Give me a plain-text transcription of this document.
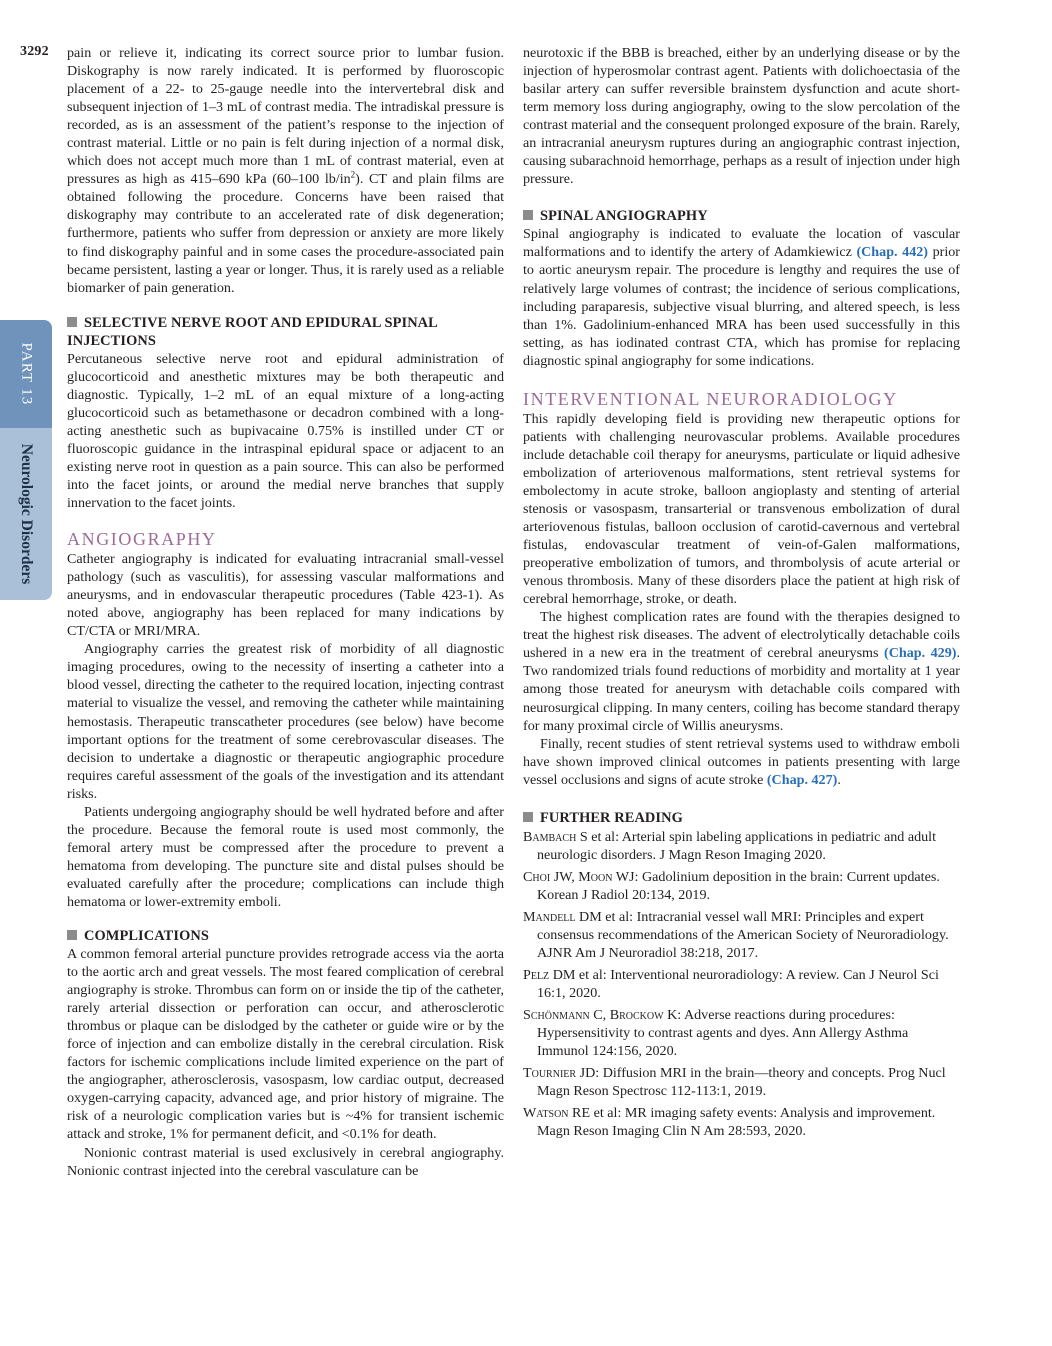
3292
PART 13
Neurologic Disorders

pain or relieve it, indicating its correct source prior to lumbar fusion. Diskography is now rarely indicated. It is performed by fluoroscopic placement of a 22- to 25-gauge needle into the intervertebral disk and subsequent injection of 1–3 mL of contrast media. The intradiskal pressure is recorded, as is an assessment of the patient’s response to the injection of contrast material. Little or no pain is felt during injection of a normal disk, which does not accept much more than 1 mL of contrast material, even at pressures as high as 415–690 kPa (60–100 $lb/in^2$). CT and plain films are obtained following the procedure. Concerns have been raised that diskography may contribute to an accelerated rate of disk degeneration; furthermore, patients who suffer from depression or anxiety are more likely to find diskography painful and in some cases the procedure-associated pain became persistent, lasting a year or longer. Thus, it is rarely used as a reliable biomarker of pain generation.

SELECTIVE NERVE ROOT AND EPIDURAL SPINAL INJECTIONS

Percutaneous selective nerve root and epidural administration of glucocorticoid and anesthetic mixtures may be both therapeutic and diagnostic. Typically, 1–2 mL of an equal mixture of a long-acting glucocorticoid such as betamethasone or decadron combined with a long-acting anesthetic such as bupivacaine 0.75% is instilled under CT or fluoroscopic guidance in the intraspinal epidural space or adjacent to an existing nerve root in question as a pain source. This can also be performed into the facet joints, or around the medial nerve branches that supply innervation to the facet joints.

ANGIOGRAPHY

Catheter angiography is indicated for evaluating intracranial small-vessel pathology (such as vasculitis), for assessing vascular malformations and aneurysms, and in endovascular therapeutic procedures (Table 423-1). As noted above, angiography has been replaced for many indications by CT/CTA or MRI/MRA.

Angiography carries the greatest risk of morbidity of all diagnostic imaging procedures, owing to the necessity of inserting a catheter into a blood vessel, directing the catheter to the required location, injecting contrast material to visualize the vessel, and removing the catheter while maintaining hemostasis. Therapeutic transcatheter procedures (see below) have become important options for the treatment of some cerebrovascular diseases. The decision to undertake a diagnostic or therapeutic angiographic procedure requires careful assessment of the goals of the investigation and its attendant risks.

Patients undergoing angiography should be well hydrated before and after the procedure. Because the femoral route is used most commonly, the femoral artery must be compressed after the procedure to prevent a hematoma from developing. The puncture site and distal pulses should be evaluated carefully after the procedure; complications can include thigh hematoma or lower-extremity emboli.

COMPLICATIONS

A common femoral arterial puncture provides retrograde access via the aorta to the aortic arch and great vessels. The most feared complication of cerebral angiography is stroke. Thrombus can form on or inside the tip of the catheter, rarely arterial dissection or perforation can occur, and atherosclerotic thrombus or plaque can be dislodged by the catheter or guide wire or by the force of injection and can embolize distally in the cerebral circulation. Risk factors for ischemic complications include limited experience on the part of the angiographer, atherosclerosis, vasospasm, low cardiac output, decreased oxygen-carrying capacity, advanced age, and prior history of migraine. The risk of a neurologic complication varies but is ~4% for transient ischemic attack and stroke, 1% for permanent deficit, and <0.1% for death.

Nonionic contrast material is used exclusively in cerebral angiography. Nonionic contrast injected into the cerebral vasculature can be

neurotoxic if the BBB is breached, either by an underlying disease or by the injection of hyperosmolar contrast agent. Patients with dolichoectasia of the basilar artery can suffer reversible brainstem dysfunction and acute short-term memory loss during angiography, owing to the slow percolation of the contrast material and the consequent prolonged exposure of the brain. Rarely, an intracranial aneurysm ruptures during an angiographic contrast injection, causing subarachnoid hemorrhage, perhaps as a result of injection under high pressure.

SPINAL ANGIOGRAPHY

Spinal angiography is indicated to evaluate the location of vascular malformations and to identify the artery of Adamkiewicz (Chap. 442) prior to aortic aneurysm repair. The procedure is lengthy and requires the use of relatively large volumes of contrast; the incidence of serious complications, including paraparesis, subjective visual blurring, and altered speech, is less than 1%. Gadolinium-enhanced MRA has been used successfully in this setting, as has iodinated contrast CTA, which has promise for replacing diagnostic spinal angiography for some indications.

INTERVENTIONAL NEURORADIOLOGY

This rapidly developing field is providing new therapeutic options for patients with challenging neurovascular problems. Available procedures include detachable coil therapy for aneurysms, particulate or liquid adhesive embolization of arteriovenous malformations, stent retrieval systems for embolectomy in acute stroke, balloon angioplasty and stenting of arterial stenosis or vasospasm, transarterial or transvenous embolization of dural arteriovenous fistulas, balloon occlusion of carotid-cavernous and vertebral fistulas, endovascular treatment of vein-of-Galen malformations, preoperative embolization of tumors, and thrombolysis of acute arterial or venous thrombosis. Many of these disorders place the patient at high risk of cerebral hemorrhage, stroke, or death.

The highest complication rates are found with the therapies designed to treat the highest risk diseases. The advent of electrolytically detachable coils ushered in a new era in the treatment of cerebral aneurysms (Chap. 429). Two randomized trials found reductions of morbidity and mortality at 1 year among those treated for aneurysm with detachable coils compared with neurosurgical clipping. In many centers, coiling has become standard therapy for many proximal circle of Willis aneurysms.

Finally, recent studies of stent retrieval systems used to withdraw emboli have shown improved clinical outcomes in patients presenting with large vessel occlusions and signs of acute stroke (Chap. 427).

FURTHER READING

Bambach S et al: Arterial spin labeling applications in pediatric and adult neurologic disorders. J Magn Reson Imaging 2020.

Choi JW, Moon WJ: Gadolinium deposition in the brain: Current updates. Korean J Radiol 20:134, 2019.

Mandell DM et al: Intracranial vessel wall MRI: Principles and expert consensus recommendations of the American Society of Neuroradiology. AJNR Am J Neuroradiol 38:218, 2017.

Pelz DM et al: Interventional neuroradiology: A review. Can J Neurol Sci 16:1, 2020.

Schönmann C, Brockow K: Adverse reactions during procedures: Hypersensitivity to contrast agents and dyes. Ann Allergy Asthma Immunol 124:156, 2020.

Tournier JD: Diffusion MRI in the brain—theory and concepts. Prog Nucl Magn Reson Spectrosc 112-113:1, 2019.

Watson RE et al: MR imaging safety events: Analysis and improvement. Magn Reson Imaging Clin N Am 28:593, 2020.
